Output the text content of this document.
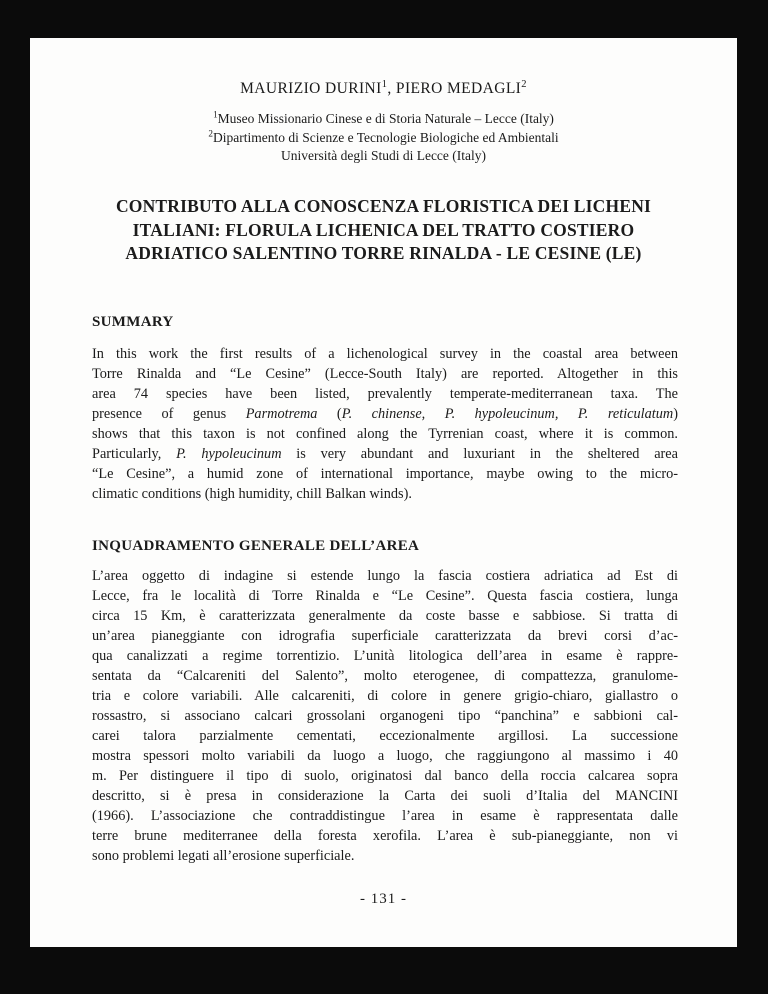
MAURIZIO DURINI$^1$, PIERO MEDAGLI$^2$
$^1$Museo Missionario Cinese e di Storia Naturale – Lecce (Italy)
$^2$Dipartimento di Scienze e Tecnologie Biologiche ed Ambientali
Università degli Studi di Lecce (Italy)
CONTRIBUTO ALLA CONOSCENZA FLORISTICA DEI LICHENI
ITALIANI: FLORULA LICHENICA DEL TRATTO COSTIERO
ADRIATICO SALENTINO TORRE RINALDA - LE CESINE (LE)
SUMMARY
In this work the first results of a lichenological survey in the coastal area between
Torre Rinalda and “Le Cesine” (Lecce-South Italy) are reported. Altogether in this
area 74 species have been listed, prevalently temperate-mediterranean taxa. The
presence of genus Parmotrema (P. chinense, P. hypoleucinum, P. reticulatum)
shows that this taxon is not confined along the Tyrrenian coast, where it is common.
Particularly, P. hypoleucinum is very abundant and luxuriant in the sheltered area
“Le Cesine”, a humid zone of international importance, maybe owing to the micro-
climatic conditions (high humidity, chill Balkan winds).
INQUADRAMENTO GENERALE DELL’AREA
L’area oggetto di indagine si estende lungo la fascia costiera adriatica ad Est di
Lecce, fra le località di Torre Rinalda e “Le Cesine”. Questa fascia costiera, lunga
circa 15 Km, è caratterizzata generalmente da coste basse e sabbiose. Si tratta di
un’area pianeggiante con idrografia superficiale caratterizzata da brevi corsi d’ac-
qua canalizzati a regime torrentizio. L’unità litologica dell’area in esame è rappre-
sentata da “Calcareniti del Salento”, molto eterogenee, di compattezza, granulome-
tria e colore variabili. Alle calcareniti, di colore in genere grigio-chiaro, giallastro o
rossastro, si associano calcari grossolani organogeni tipo “panchina” e sabbioni cal-
carei talora parzialmente cementati, eccezionalmente argillosi. La successione
mostra spessori molto variabili da luogo a luogo, che raggiungono al massimo i 40
m. Per distinguere il tipo di suolo, originatosi dal banco della roccia calcarea sopra
descritto, si è presa in considerazione la Carta dei suoli d’Italia del MANCINI
(1966). L’associazione che contraddistingue l’area in esame è rappresentata dalle
terre brune mediterranee della foresta xerofila. L’area è sub-pianeggiante, non vi
sono problemi legati all’erosione superficiale.
- 131 -
